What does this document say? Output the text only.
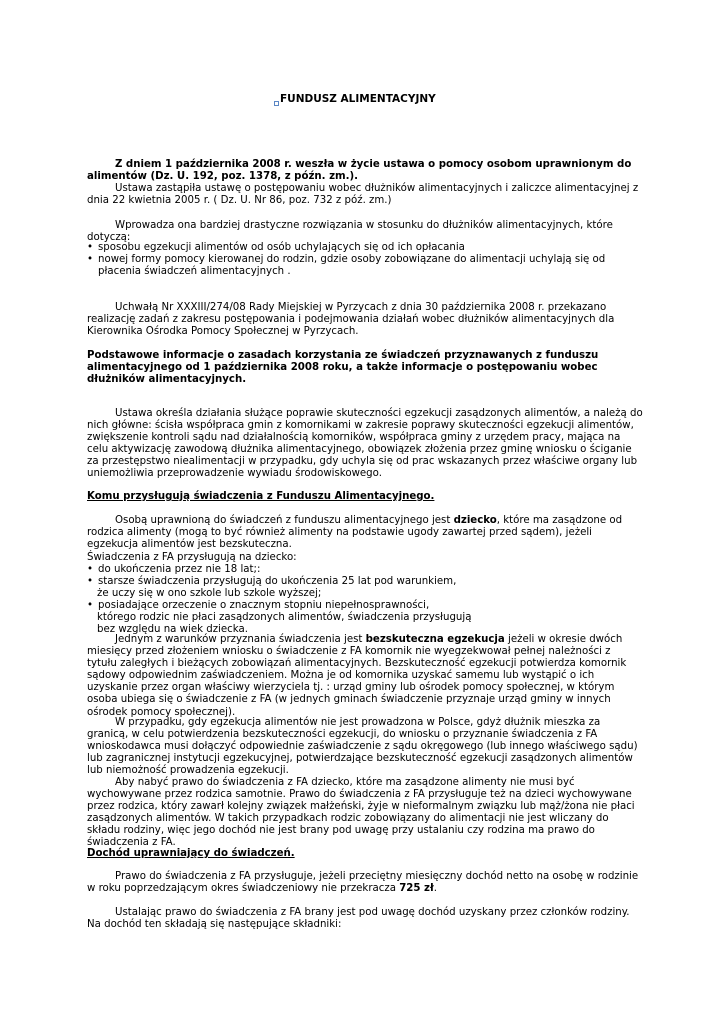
FUNDUSZ ALIMENTACYJNY

Z dniem 1 października 2008 r. weszła w życie ustawa o pomocy osobom uprawnionym do alimentów (Dz. U. 192, poz. 1378, z późn. zm.).

Ustawa zastąpiła ustawę o postępowaniu wobec dłużników alimentacyjnych i zaliczce alimentacyjnej z dnia 22 kwietnia 2005 r. ( Dz. U. Nr 86, poz. 732 z póź. zm.)

Wprowadza ona bardziej drastyczne rozwiązania w stosunku do dłużników alimentacyjnych, które dotyczą:

• sposobu egzekucji alimentów od osób uchylających się od ich opłacania
• nowej formy pomocy kierowanej do rodzin, gdzie osoby zobowiązane do alimentacji uchylają się od płacenia świadczeń alimentacyjnych .

Uchwałą Nr XXXIII/274/08 Rady Miejskiej w Pyrzycach z dnia 30 października 2008 r. przekazano realizację zadań z zakresu postępowania i podejmowania działań wobec dłużników alimentacyjnych dla Kierownika Ośrodka Pomocy Społecznej w Pyrzycach.

Podstawowe informacje o zasadach korzystania ze świadczeń przyznawanych z funduszu alimentacyjnego od 1 października 2008 roku, a także informacje o postępowaniu wobec dłużników alimentacyjnych.

Ustawa określa działania służące poprawie skuteczności egzekucji zasądzonych alimentów, a należą do nich główne: ścisła współpraca gmin z komornikami w zakresie poprawy skuteczności egzekucji alimentów, zwiększenie kontroli sądu nad działalnością komorników, współpraca gminy z urzędem pracy, mająca na celu aktywizację zawodową dłużnika alimentacyjnego, obowiązek złożenia przez gminę wniosku o ściganie za przestępstwo niealimentacji w przypadku, gdy uchyla się od prac wskazanych przez właściwe organy lub uniemożliwia przeprowadzenie wywiadu środowiskowego.

Komu przysługują świadczenia z Funduszu Alimentacyjnego.

Osobą uprawnioną do świadczeń z funduszu alimentacyjnego jest dziecko, które ma zasądzone od rodzica alimenty (mogą to być również alimenty na podstawie ugody zawartej przed sądem), jeżeli egzekucja alimentów jest bezskuteczna.

Świadczenia z FA przysługują na dziecko:

• do ukończenia przez nie 18 lat;:
• starsze świadczenia przysługują do ukończenia 25 lat pod warunkiem,
że uczy się w ono szkole lub szkole wyższej;
• posiadające orzeczenie o znacznym stopniu niepełnosprawności,
którego rodzic nie płaci zasądzonych alimentów, świadczenia przysługują
bez względu na wiek dziecka.

Jednym z warunków przyznania świadczenia jest bezskuteczna egzekucja jeżeli w okresie dwóch miesięcy przed złożeniem wniosku o świadczenie z FA komornik nie wyegzekwował pełnej należności z tytułu zaległych i bieżących zobowiązań alimentacyjnych. Bezskuteczność egzekucji potwierdza komornik sądowy odpowiednim zaświadczeniem. Można je od komornika uzyskać samemu lub wystąpić o ich uzyskanie przez organ właściwy wierzyciela tj. : urząd gminy lub ośrodek pomocy społecznej, w którym osoba ubiega się o świadczenie z FA (w jednych gminach świadczenie przyznaje urząd gminy w innych ośrodek pomocy społecznej).

W przypadku, gdy egzekucja alimentów nie jest prowadzona w Polsce, gdyż dłużnik mieszka za granicą, w celu potwierdzenia bezskuteczności egzekucji, do wniosku o przyznanie świadczenia z FA wnioskodawca musi dołączyć odpowiednie zaświadczenie z sądu okręgowego (lub innego właściwego sądu) lub zagranicznej instytucji egzekucyjnej, potwierdzające bezskuteczność egzekucji zasądzonych alimentów lub niemożność prowadzenia egzekucji.

Aby nabyć prawo do świadczenia z FA dziecko, które ma zasądzone alimenty nie musi być wychowywane przez rodzica samotnie. Prawo do świadczenia z FA przysługuje też na dzieci wychowywane przez rodzica, który zawarł kolejny związek małżeński, żyje w nieformalnym związku lub mąż/żona nie płaci zasądzonych alimentów. W takich przypadkach rodzic zobowiązany do alimentacji nie jest wliczany do składu rodziny, więc jego dochód nie jest brany pod uwagę przy ustalaniu czy rodzina ma prawo do świadczenia z FA.

Dochód uprawniający do świadczeń.

Prawo do świadczenia z FA przysługuje, jeżeli przeciętny miesięczny dochód netto na osobę w rodzinie w roku poprzedzającym okres świadczeniowy nie przekracza 725 zł.

Ustalając prawo do świadczenia z FA brany jest pod uwagę dochód uzyskany przez członków rodziny.
Na dochód ten składają się następujące składniki:
